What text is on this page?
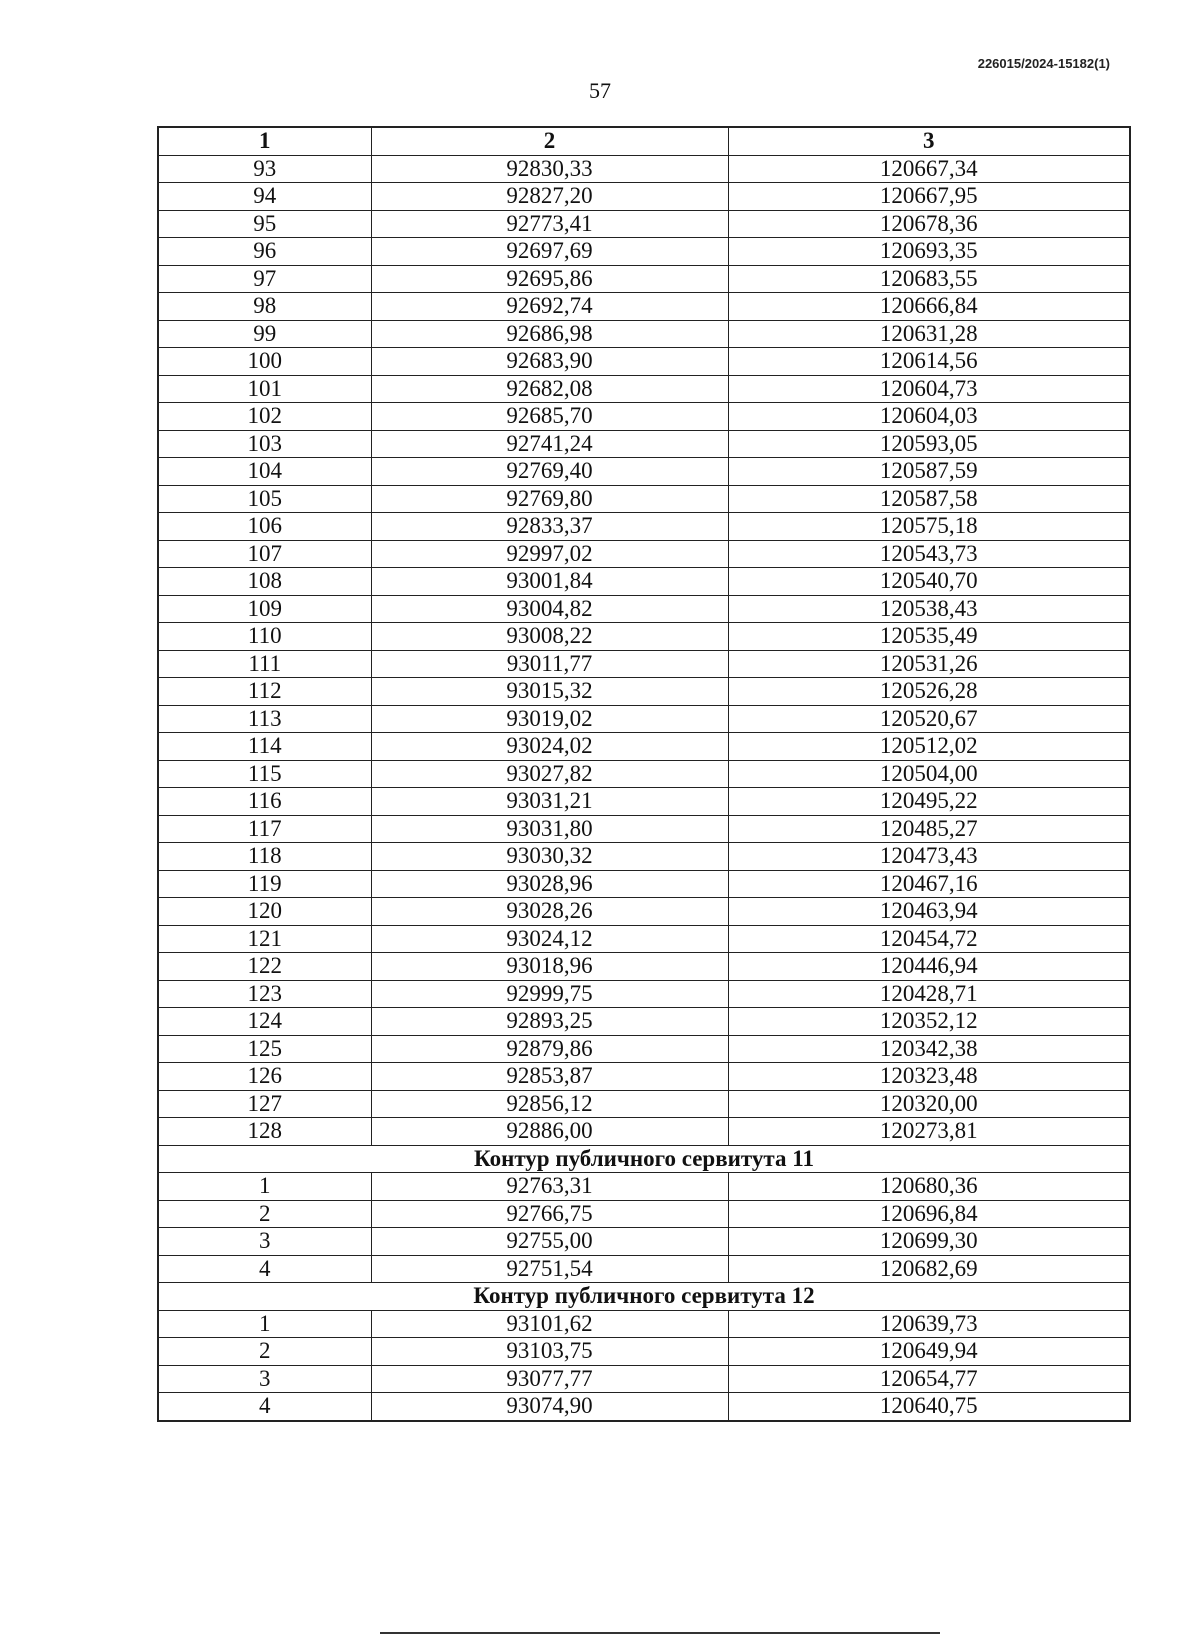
226015/2024-15182(1)
57
1	2	3
93	92830,33	120667,34
94	92827,20	120667,95
95	92773,41	120678,36
96	92697,69	120693,35
97	92695,86	120683,55
98	92692,74	120666,84
99	92686,98	120631,28
100	92683,90	120614,56
101	92682,08	120604,73
102	92685,70	120604,03
103	92741,24	120593,05
104	92769,40	120587,59
105	92769,80	120587,58
106	92833,37	120575,18
107	92997,02	120543,73
108	93001,84	120540,70
109	93004,82	120538,43
110	93008,22	120535,49
111	93011,77	120531,26
112	93015,32	120526,28
113	93019,02	120520,67
114	93024,02	120512,02
115	93027,82	120504,00
116	93031,21	120495,22
117	93031,80	120485,27
118	93030,32	120473,43
119	93028,96	120467,16
120	93028,26	120463,94
121	93024,12	120454,72
122	93018,96	120446,94
123	92999,75	120428,71
124	92893,25	120352,12
125	92879,86	120342,38
126	92853,87	120323,48
127	92856,12	120320,00
128	92886,00	120273,81
Контур публичного сервитута 11		
1	92763,31	120680,36
2	92766,75	120696,84
3	92755,00	120699,30
4	92751,54	120682,69
Контур публичного сервитута 12		
1	93101,62	120639,73
2	93103,75	120649,94
3	93077,77	120654,77
4	93074,90	120640,75
